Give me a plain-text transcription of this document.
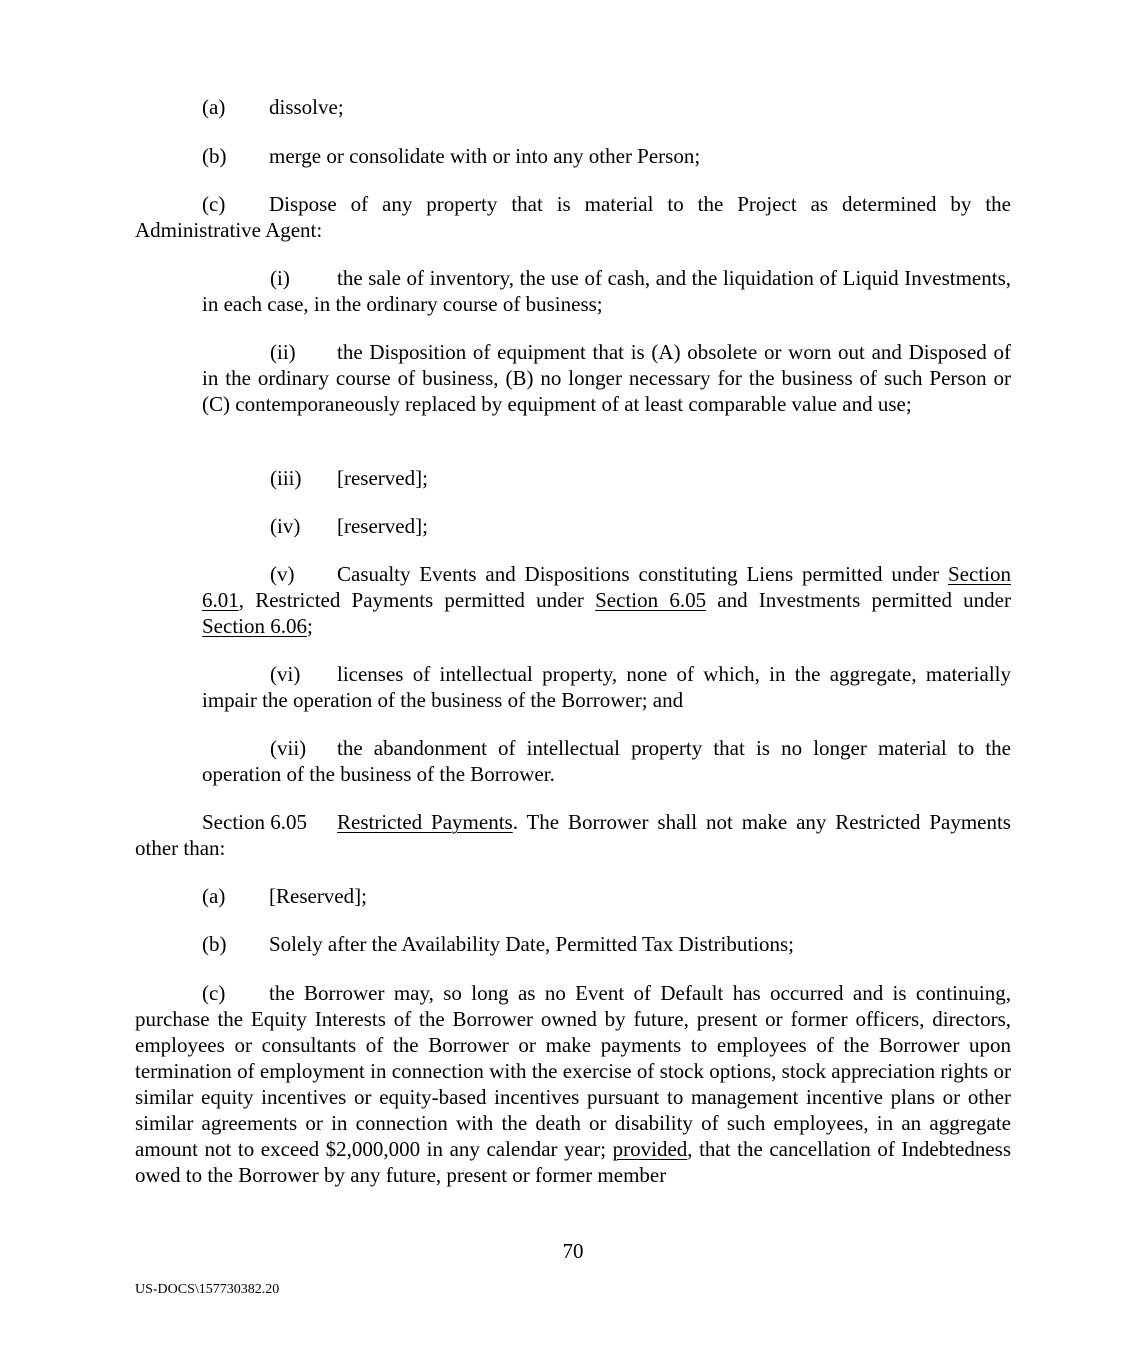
(a) dissolve;

(b) merge or consolidate with or into any other Person;

(c) Dispose of any property that is material to the Project as determined by the Administrative Agent:

(i) the sale of inventory, the use of cash, and the liquidation of Liquid Investments, in each case, in the ordinary course of business;

(ii) the Disposition of equipment that is (A) obsolete or worn out and Disposed of in the ordinary course of business, (B) no longer necessary for the business of such Person or (C) contemporaneously replaced by equipment of at least comparable value and use;

(iii) [reserved];

(iv) [reserved];

(v) Casualty Events and Dispositions constituting Liens permitted under Section 6.01, Restricted Payments permitted under Section 6.05 and Investments permitted under Section 6.06;

(vi) licenses of intellectual property, none of which, in the aggregate, materially impair the operation of the business of the Borrower; and

(vii) the abandonment of intellectual property that is no longer material to the operation of the business of the Borrower.

Section 6.05 Restricted Payments. The Borrower shall not make any Restricted Payments other than:

(a) [Reserved];

(b) Solely after the Availability Date, Permitted Tax Distributions;

(c) the Borrower may, so long as no Event of Default has occurred and is continuing, purchase the Equity Interests of the Borrower owned by future, present or former officers, directors, employees or consultants of the Borrower or make payments to employees of the Borrower upon termination of employment in connection with the exercise of stock options, stock appreciation rights or similar equity incentives or equity-based incentives pursuant to management incentive plans or other similar agreements or in connection with the death or disability of such employees, in an aggregate amount not to exceed $2,000,000 in any calendar year; provided, that the cancellation of Indebtedness owed to the Borrower by any future, present or former member

70
US-DOCS\157730382.20
